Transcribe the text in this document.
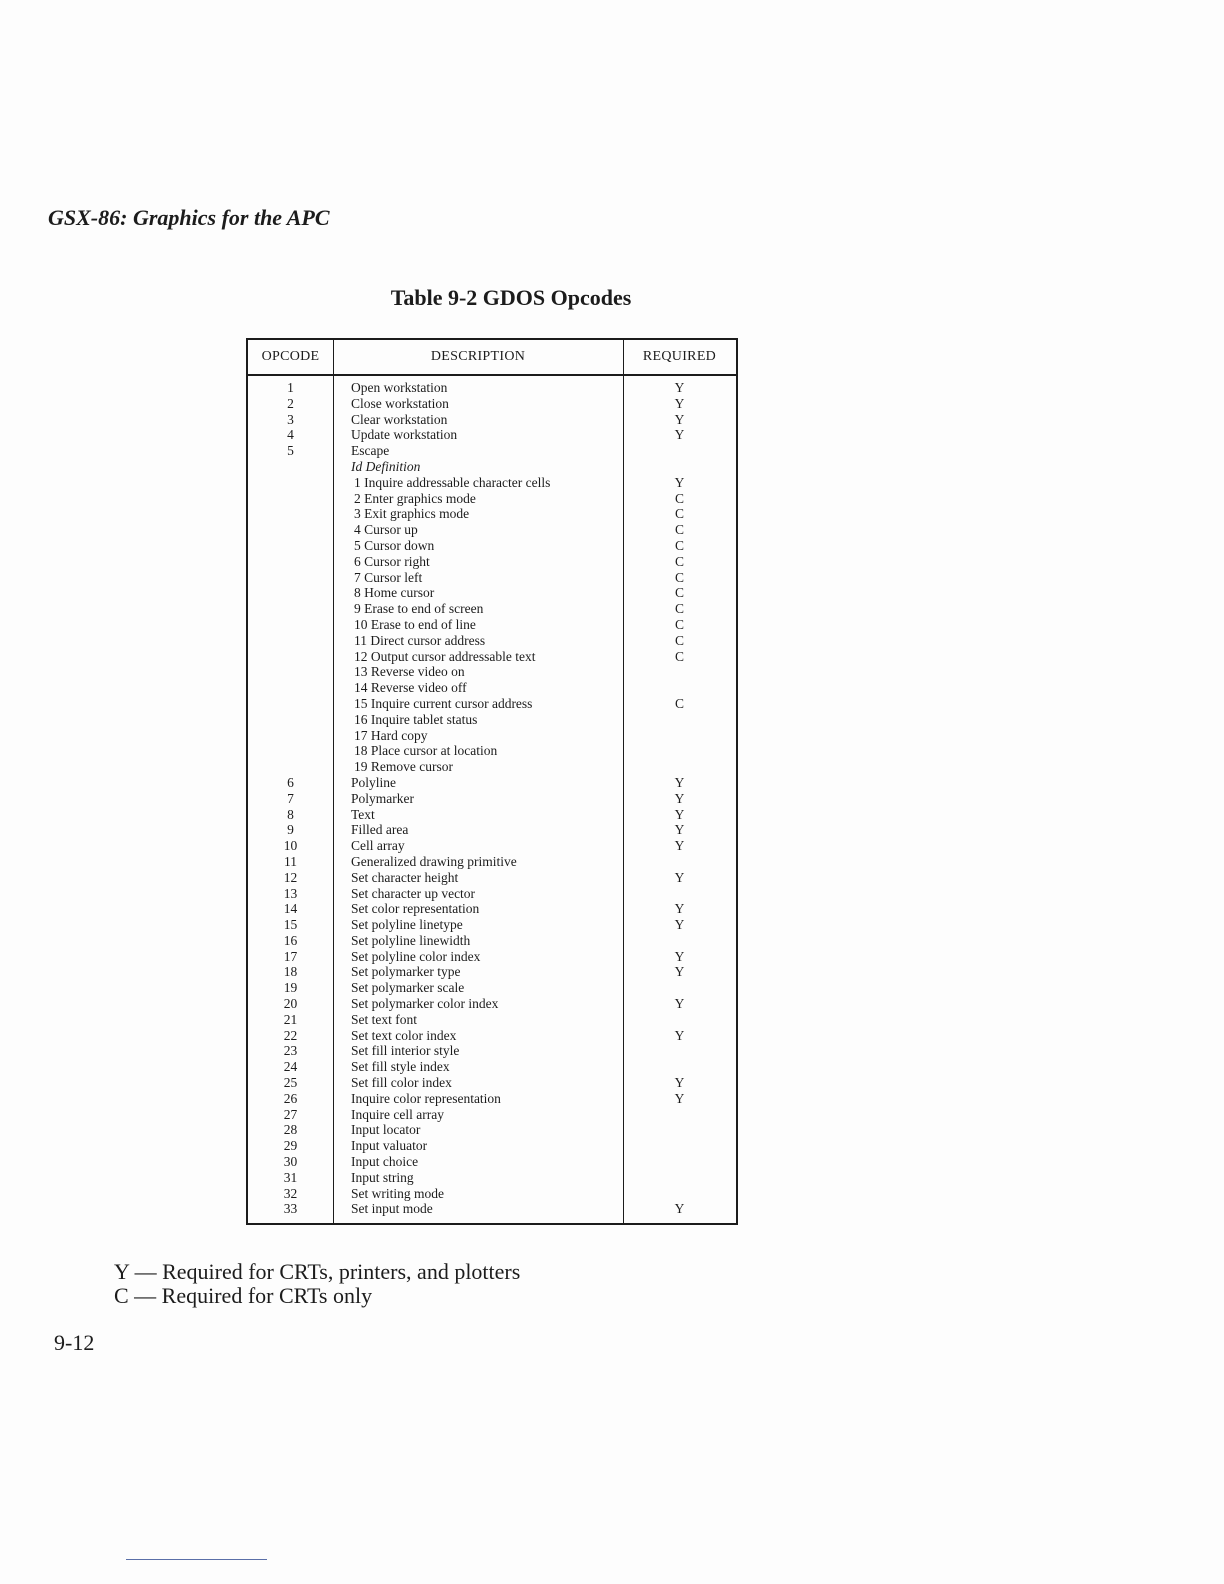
GSX-86: Graphics for the APC
Table 9-2 GDOS Opcodes
OPCODE	DESCRIPTION	REQUIRED
1	Open workstation	Y
2	Close workstation	Y
3	Clear workstation	Y
4	Update workstation	Y
5	Escape
Id Definition
1 Inquire addressable character cells	Y
2 Enter graphics mode	C
3 Exit graphics mode	C
4 Cursor up	C
5 Cursor down	C
6 Cursor right	C
7 Cursor left	C
8 Home cursor	C
9 Erase to end of screen	C
10 Erase to end of line	C
11 Direct cursor address	C
12 Output cursor addressable text	C
13 Reverse video on
14 Reverse video off
15 Inquire current cursor address	C
16 Inquire tablet status
17 Hard copy
18 Place cursor at location
19 Remove cursor
6	Polyline	Y
7	Polymarker	Y
8	Text	Y
9	Filled area	Y
10	Cell array	Y
11	Generalized drawing primitive
12	Set character height	Y
13	Set character up vector
14	Set color representation	Y
15	Set polyline linetype	Y
16	Set polyline linewidth
17	Set polyline color index	Y
18	Set polymarker type	Y
19	Set polymarker scale
20	Set polymarker color index	Y
21	Set text font
22	Set text color index	Y
23	Set fill interior style
24	Set fill style index
25	Set fill color index	Y
26	Inquire color representation	Y
27	Inquire cell array
28	Input locator
29	Input valuator
30	Input choice
31	Input string
32	Set writing mode
33	Set input mode	Y
Y — Required for CRTs, printers, and plotters
C — Required for CRTs only
9-12
